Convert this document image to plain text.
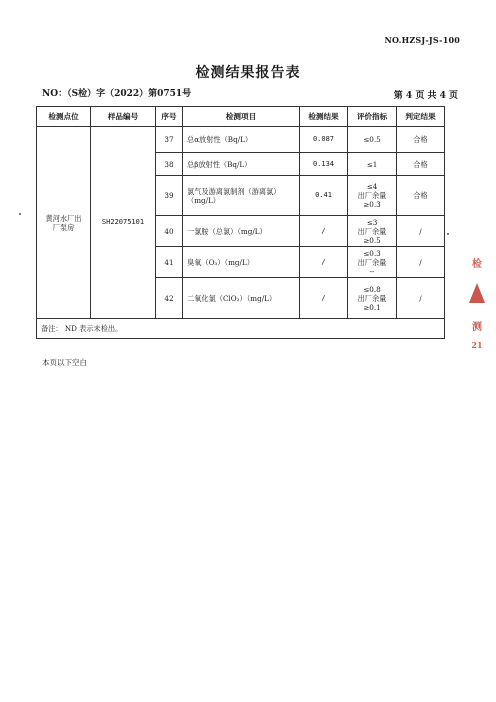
NO.HZSJ-JS-100
检测结果报告表
NO：（S检）字（2022）第0751号	第 4 页 共 4 页
检测点位	样品编号	序号	检测项目	检测结果	评价指标	判定结果
黄河水厂出厂泵房	SH22075101	37	总α放射性（Bq/L）	0.087	≤0.5	合格
		38	总β放射性（Bq/L）	0.134	≤1	合格
		39	氯气及游离氯制剂（游离氯）（mg/L）	0.41	≤4
出厂余量
≥0.3	合格
		40	一氯胺（总氯）（mg/L）	/	≤3
出厂余量
≥0.5	/
		41	臭氧（O₃）（mg/L）	/	≤0.3
出厂余量
--	/
		42	二氧化氯（ClO₂）（mg/L）	/	≤0.8
出厂余量
≥0.1	/
备注： ND 表示未检出。						
本页以下空白
检
测
21
